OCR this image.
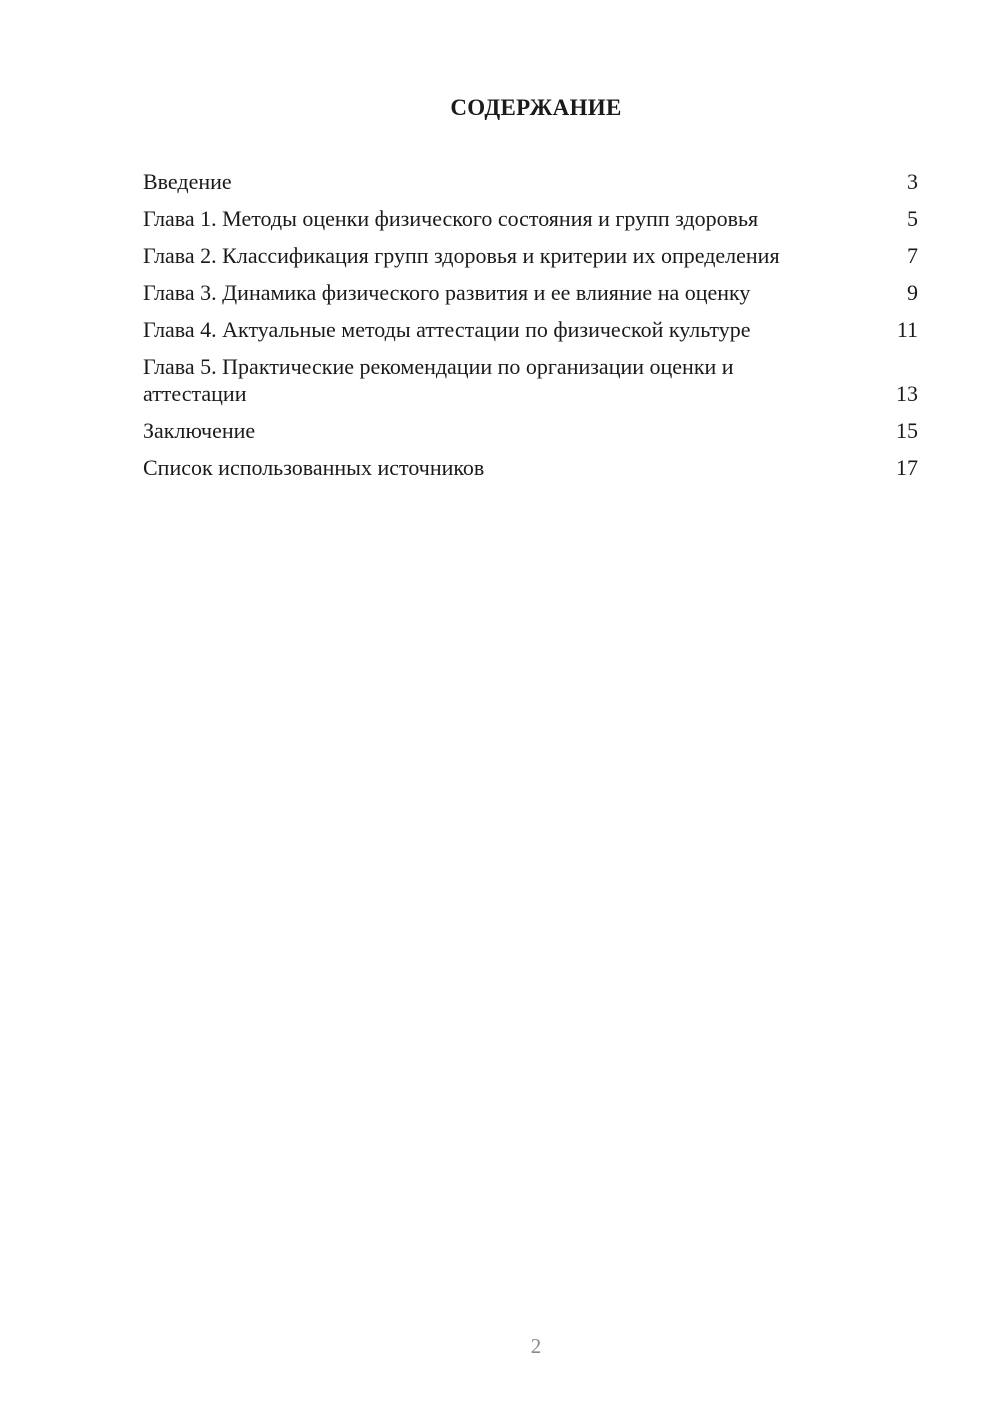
СОДЕРЖАНИЕ
Введение	3
Глава 1. Методы оценки физического состояния и групп здоровья	5
Глава 2. Классификация групп здоровья и критерии их определения	7
Глава 3. Динамика физического развития и ее влияние на оценку	9
Глава 4. Актуальные методы аттестации по физической культуре	11
Глава 5. Практические рекомендации по организации оценки и аттестации	13
Заключение	15
Список использованных источников	17
2
